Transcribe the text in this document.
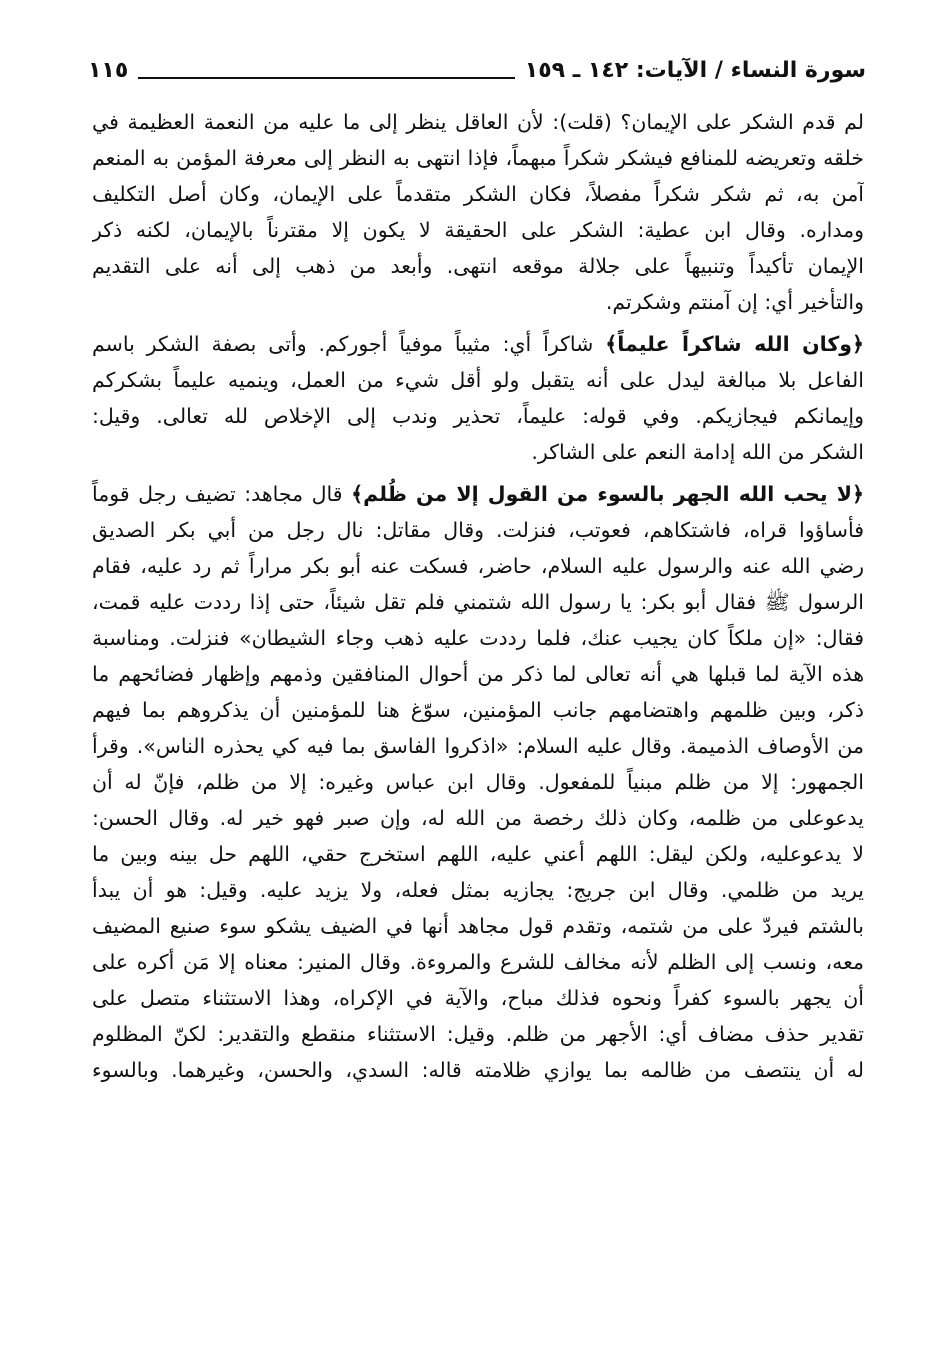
سورة النساء / الآيات: ١٤٢ ـ ١٥٩
١١٥
لم قدم الشكر على الإيمان؟ (قلت): لأن العاقل ينظر إلى ما عليه من النعمة العظيمة في
خلقه وتعريضه للمنافع فيشكر شكراً مبهماً، فإذا انتهى به النظر إلى معرفة المؤمن به المنعم
آمن به، ثم شكر شكراً مفصلاً، فكان الشكر متقدماً على الإيمان، وكان أصل التكليف
ومداره. وقال ابن عطية: الشكر على الحقيقة لا يكون إلا مقترناً بالإيمان، لكنه ذكر
الإيمان تأكيداً وتنبيهاً على جلالة موقعه انتهى. وأبعد من ذهب إلى أنه على التقديم
والتأخير أي: إن آمنتم وشكرتم.
﴿وكان الله شاكراً عليماً﴾ شاكراً أي: مثيباً موفياً أجوركم. وأتى بصفة الشكر باسم
الفاعل بلا مبالغة ليدل على أنه يتقبل ولو أقل شيء من العمل، وينميه عليماً بشكركم
وإيمانكم فيجازيكم. وفي قوله: عليماً، تحذير وندب إلى الإخلاص لله تعالى. وقيل:
الشكر من الله إدامة النعم على الشاكر.
﴿لا يحب الله الجهر بالسوء من القول إلا من ظُلم﴾ قال مجاهد: تضيف رجل قوماً
فأساؤوا قراه، فاشتكاهم، فعوتب، فنزلت. وقال مقاتل: نال رجل من أبي بكر الصديق
رضي الله عنه والرسول عليه السلام، حاضر، فسكت عنه أبو بكر مراراً ثم رد عليه، فقام
الرسول ﷺ فقال أبو بكر: يا رسول الله شتمني فلم تقل شيئاً، حتى إذا رددت عليه قمت،
فقال: «إن ملكاً كان يجيب عنك، فلما رددت عليه ذهب وجاء الشيطان» فنزلت. ومناسبة
هذه الآية لما قبلها هي أنه تعالى لما ذكر من أحوال المنافقين وذمهم وإظهار فضائحهم ما
ذكر، وبين ظلمهم واهتضامهم جانب المؤمنين، سوّغ هنا للمؤمنين أن يذكروهم بما فيهم
من الأوصاف الذميمة. وقال عليه السلام: «اذكروا الفاسق بما فيه كي يحذره الناس». وقرأ
الجمهور: إلا من ظلم مبنياً للمفعول. وقال ابن عباس وغيره: إلا من ظلم، فإنّ له أن
يدعوعلى من ظلمه، وكان ذلك رخصة من الله له، وإن صبر فهو خير له. وقال الحسن:
لا يدعوعليه، ولكن ليقل: اللهم أعني عليه، اللهم استخرج حقي، اللهم حل بينه وبين ما
يريد من ظلمي. وقال ابن جريج: يجازيه بمثل فعله، ولا يزيد عليه. وقيل: هو أن يبدأ
بالشتم فيردّ على من شتمه، وتقدم قول مجاهد أنها في الضيف يشكو سوء صنيع المضيف
معه، ونسب إلى الظلم لأنه مخالف للشرع والمروءة. وقال المنير: معناه إلا مَن أكره على
أن يجهر بالسوء كفراً ونحوه فذلك مباح، والآية في الإكراه، وهذا الاستثناء متصل على
تقدير حذف مضاف أي: الأجهر من ظلم. وقيل: الاستثناء منقطع والتقدير: لكنّ المظلوم
له أن ينتصف من ظالمه بما يوازي ظلامته قاله: السدي، والحسن، وغيرهما. وبالسوء
